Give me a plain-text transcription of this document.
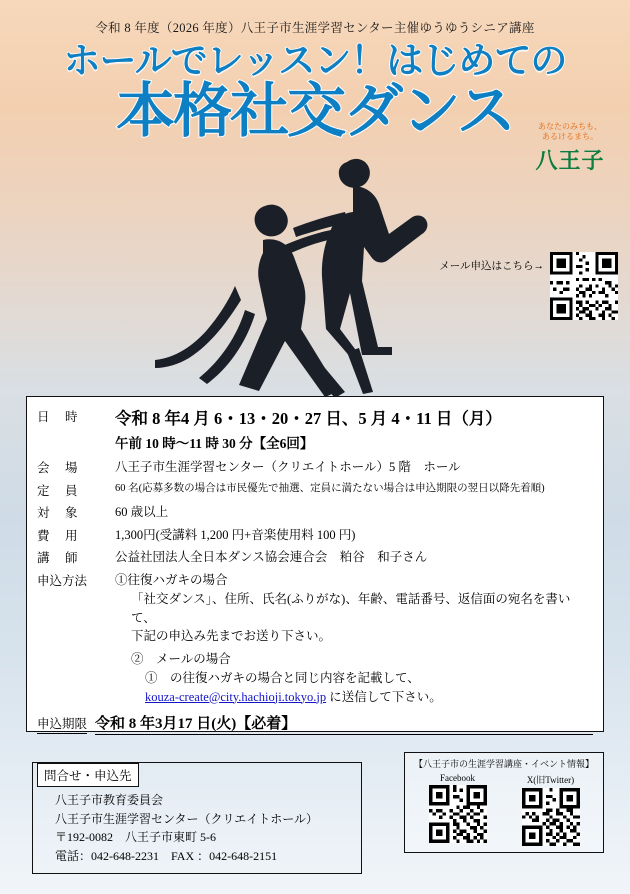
令和 8 年度（2026 年度）八王子市生涯学習センター主催ゆうゆうシニア講座
ホールでレッスン！はじめての
本格社交ダンス	あなたのみちも、
あるけるまち。
八王子
日　時	令和 8 年4 月 6・13・20・27 日、5 月 4・11 日（月）
午前 10 時〜11 時 30 分【全6回】
会　場	八王子市生涯学習センター（クリエイトホール）5 階　ホール
定　員	60 名(応募多数の場合は市民優先で抽選、定員に満たない場合は申込期限の翌日以降先着順)
対　象	60 歳以上
費　用	1,300円(受講料 1,200 円+音楽使用料 100 円)
講　師	公益社団法人全日本ダンス協会連合会　粕谷　和子さん
申込方法	①往復ハガキの場合
「社交ダンス」、住所、氏名(ふりがな)、年齢、電話番号、返信面の宛名を書いて、
下記の申込み先までお送り下さい。
②　メールの場合
①　の往復ハガキの場合と同じ内容を記載して、
kouza-create@city.hachioji.tokyo.jp に送信して下さい。
申込期限 令和 8 年3月17 日(火)【必着】
メール申込はこちら→
問合せ・申込先
八王子市教育委員会
八王子市生涯学習センター（クリエイトホール）
〒192-0082　八王子市東町 5-6
電話：042-648-2231　FAX ：042-648-2151
【八王子市の生涯学習講座・イベント情報】
Facebook	X(旧Twitter)
